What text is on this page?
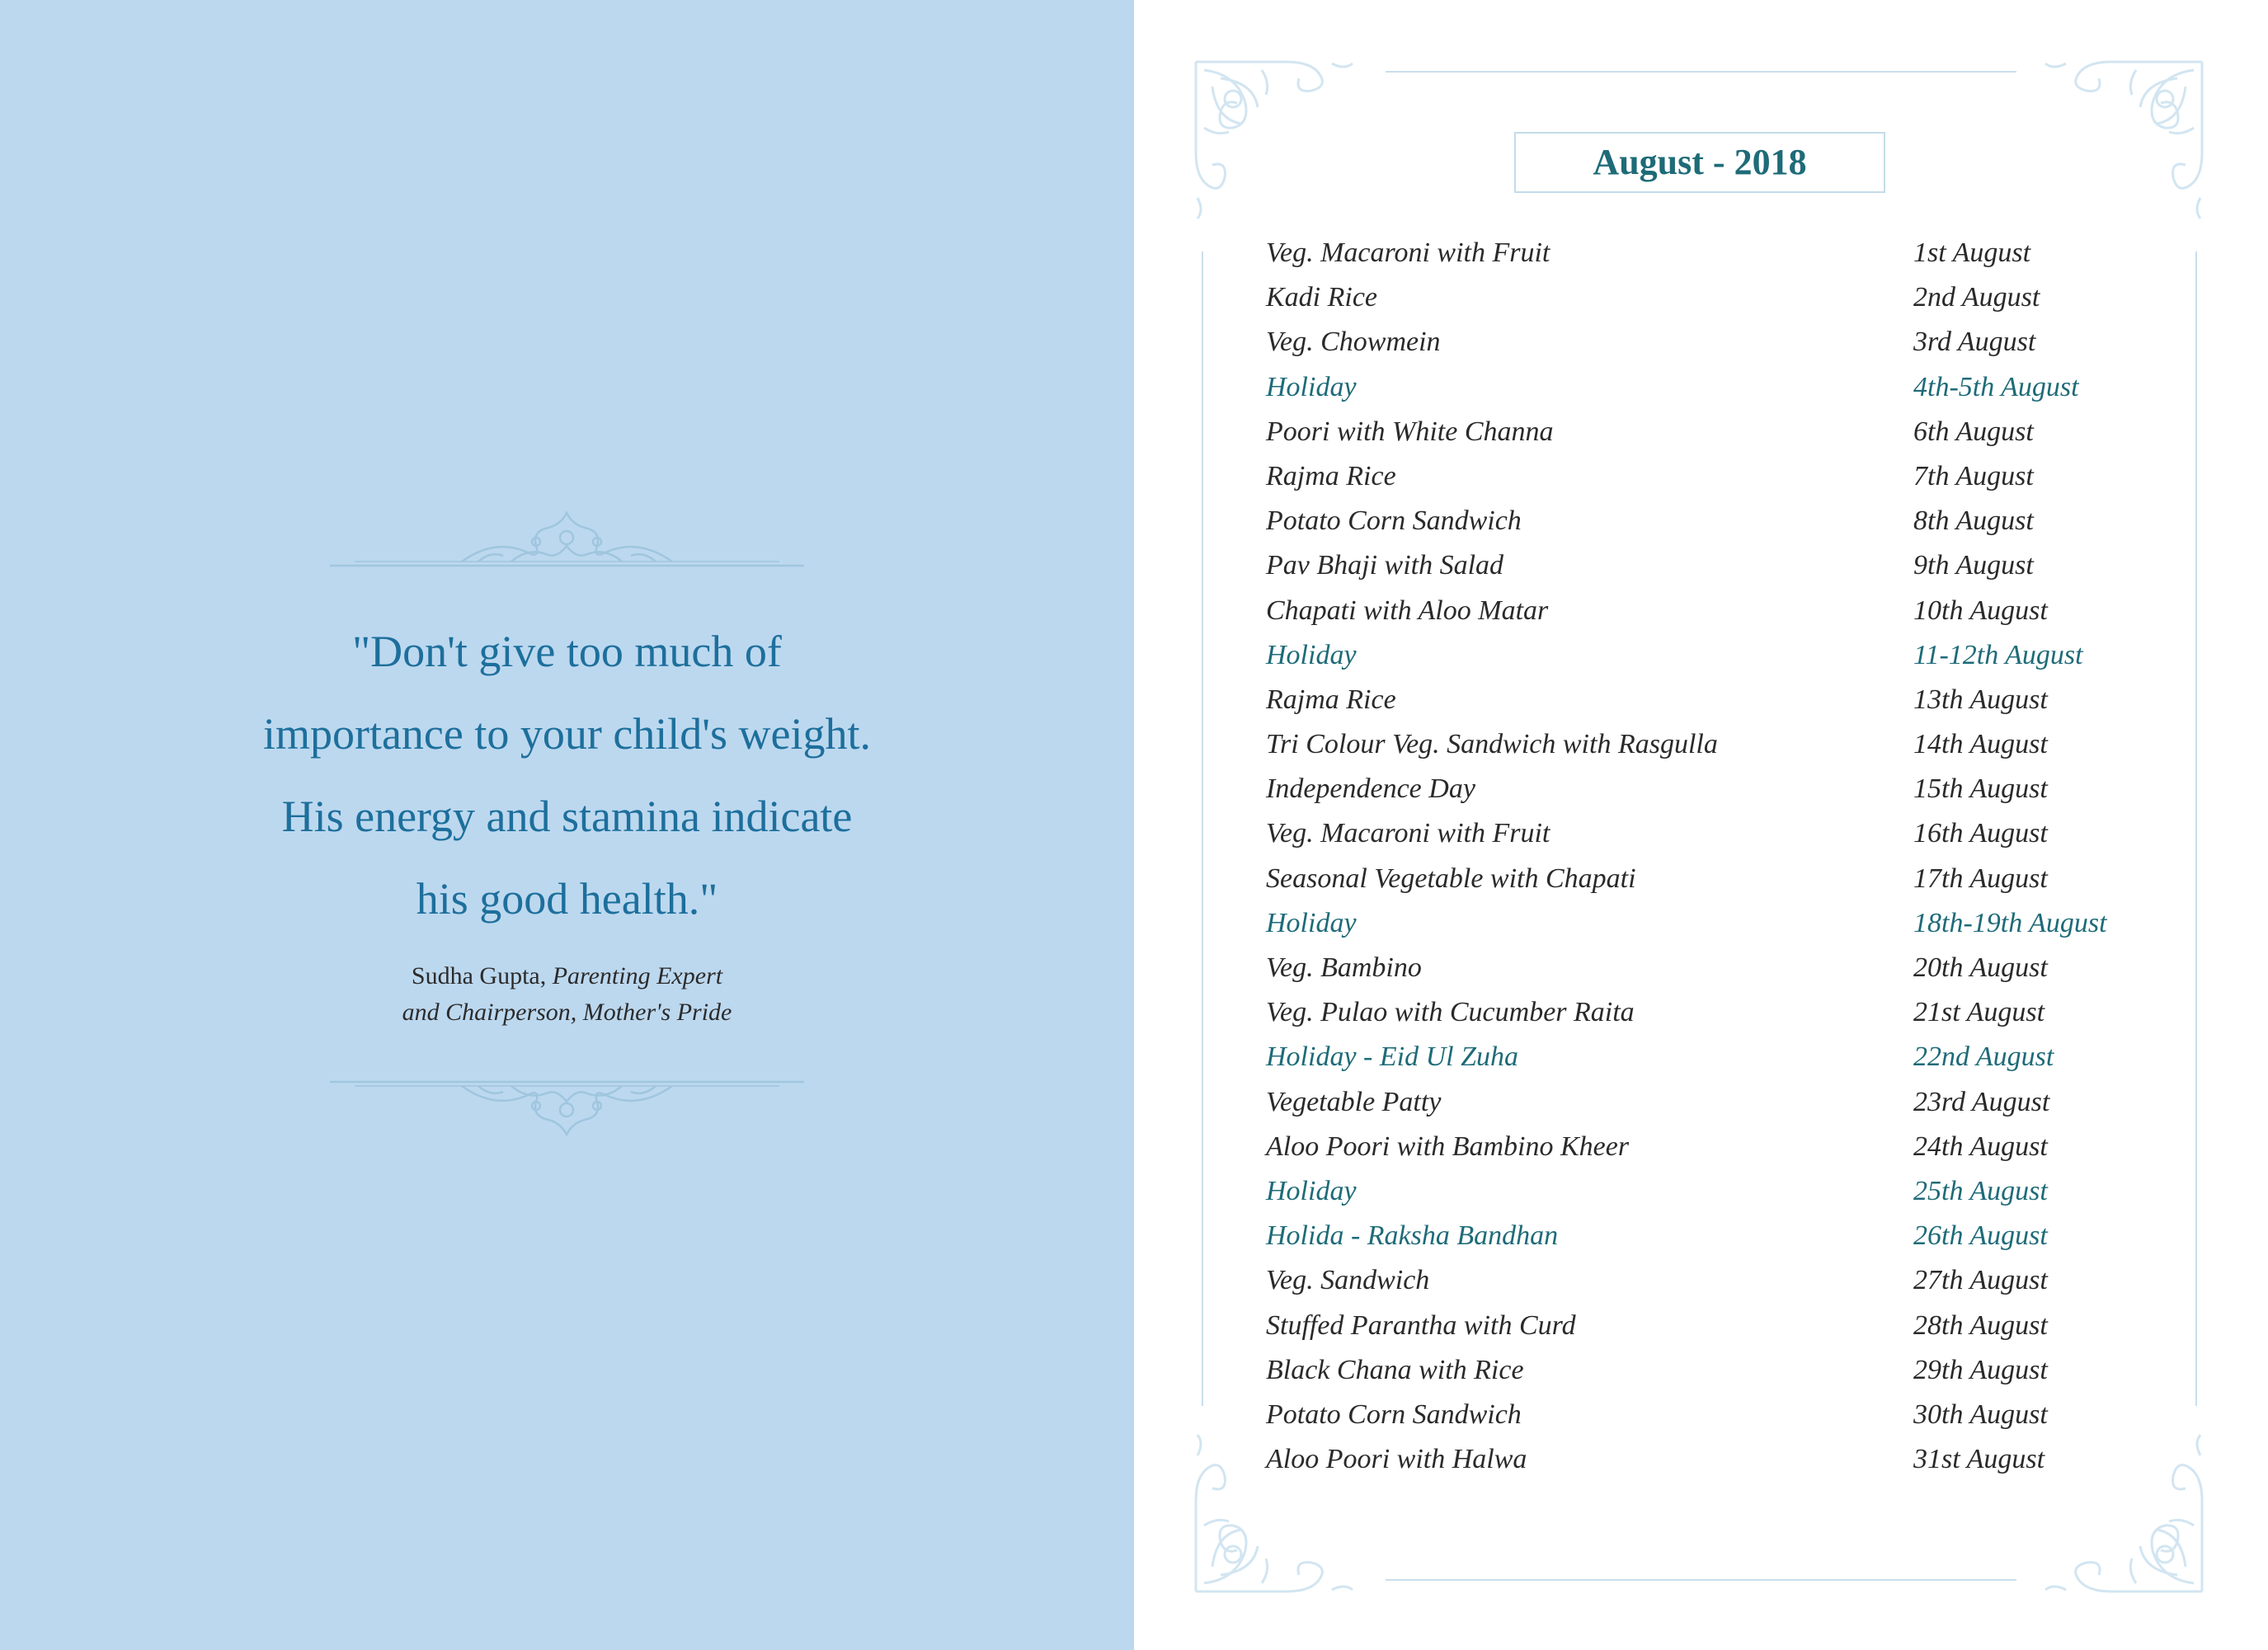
"Don't give too much of
importance to your child's weight.
His energy and stamina indicate
his good health."

Sudha Gupta, Parenting Expert
and Chairperson, Mother's Pride
August - 2018
Veg. Macaroni with Fruit	1st August
Kadi Rice	2nd August
Veg. Chowmein	3rd August
Holiday	4th-5th August
Poori with White Channa	6th August
Rajma Rice	7th August
Potato Corn Sandwich	8th August
Pav Bhaji with Salad	9th August
Chapati with Aloo Matar	10th August
Holiday	11-12th August
Rajma Rice	13th August
Tri Colour Veg. Sandwich with Rasgulla	14th August
Independence Day	15th August
Veg. Macaroni with Fruit	16th August
Seasonal Vegetable with Chapati	17th August
Holiday	18th-19th August
Veg. Bambino	20th August
Veg. Pulao with Cucumber Raita	21st August
Holiday - Eid Ul Zuha	22nd August
Vegetable Patty	23rd August
Aloo Poori with Bambino Kheer	24th August
Holiday	25th August
Holida - Raksha Bandhan	26th August
Veg. Sandwich	27th August
Stuffed Parantha with Curd	28th August
Black Chana with Rice	29th August
Potato Corn Sandwich	30th August
Aloo Poori with Halwa	31st August
